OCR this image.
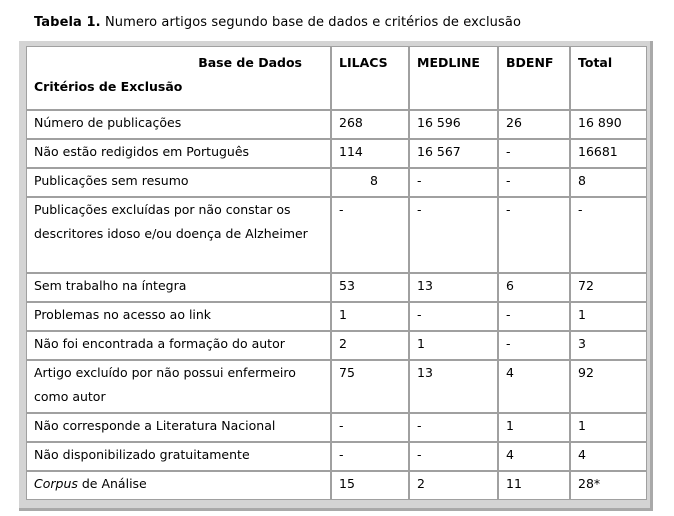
Tabela 1. Numero artigos segundo base de dados e critérios de exclusão
Base de Dados
Critérios de Exclusão	LILACS	MEDLINE	BDENF	Total
Número de publicações	268	16 596	26	16 890
Não estão redigidos em Português	114	16 567	-	16681
Publicações sem resumo	8	-	-	8
Publicações excluídas por não constar os descritores idoso e/ou doença de Alzheimer	-	-	-	-
Sem trabalho na íntegra	53	13	6	72
Problemas no acesso ao link	1	-	-	1
Não foi encontrada a formação do autor	2	1	-	3
Artigo excluído por não possui enfermeiro como autor	75	13	4	92
Não corresponde a Literatura Nacional	-	-	1	1
Não disponibilizado gratuitamente	-	-	4	4
Corpus de Análise	15	2	11	28*
